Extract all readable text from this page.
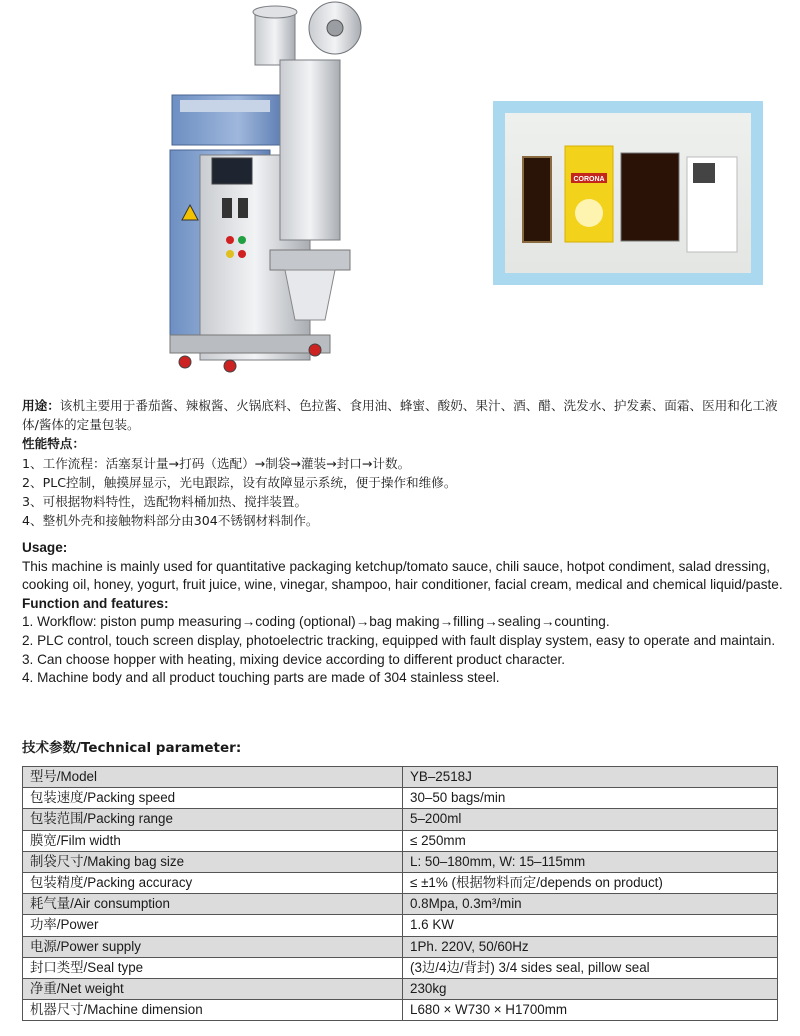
CORONA

用途：该机主要用于番茄酱、辣椒酱、火锅底料、色拉酱、食用油、蜂蜜、酸奶、果汁、酒、醋、洗发水、护发素、面霜、医用和化工液体/酱体的定量包装。

性能特点：

1、工作流程：活塞泵计量→打码（选配）→制袋→灌装→封口→计数。

2、PLC控制，触摸屏显示，光电跟踪，设有故障显示系统，便于操作和维修。

3、可根据物料特性，选配物料桶加热、搅拌装置。

4、整机外壳和接触物料部分由304不锈钢材料制作。

Usage:

This machine is mainly used for quantitative packaging ketchup/tomato sauce, chili sauce, hotpot condiment, salad dressing, cooking oil, honey, yogurt, fruit juice, wine, vinegar, shampoo, hair conditioner, facial cream, medical and chemical liquid/paste.

Function and features:

1. Workflow: piston pump measuring→coding (optional)→bag making→filling→sealing→counting.

2. PLC control, touch screen display, photoelectric tracking, equipped with fault display system, easy to operate and maintain.

3. Can choose hopper with heating, mixing device according to different product character.

4. Machine body and all product touching parts are made of 304 stainless steel.

技术参数/Technical parameter:
型号/Model	YB–2518J
包装速度/Packing speed	30–50 bags/min
包装范围/Packing range	5–200ml
膜宽/Film width	≤ 250mm
制袋尺寸/Making bag size	L: 50–180mm, W: 15–115mm
包装精度/Packing accuracy	≤ ±1% (根据物料而定/depends on product)
耗气量/Air consumption	0.8Mpa, 0.3m³/min
功率/Power	1.6 KW
电源/Power supply	1Ph. 220V, 50/60Hz
封口类型/Seal type	(3边/4边/背封) 3/4 sides seal, pillow seal
净重/Net weight	230kg
机器尺寸/Machine dimension	L680 × W730 × H1700mm
